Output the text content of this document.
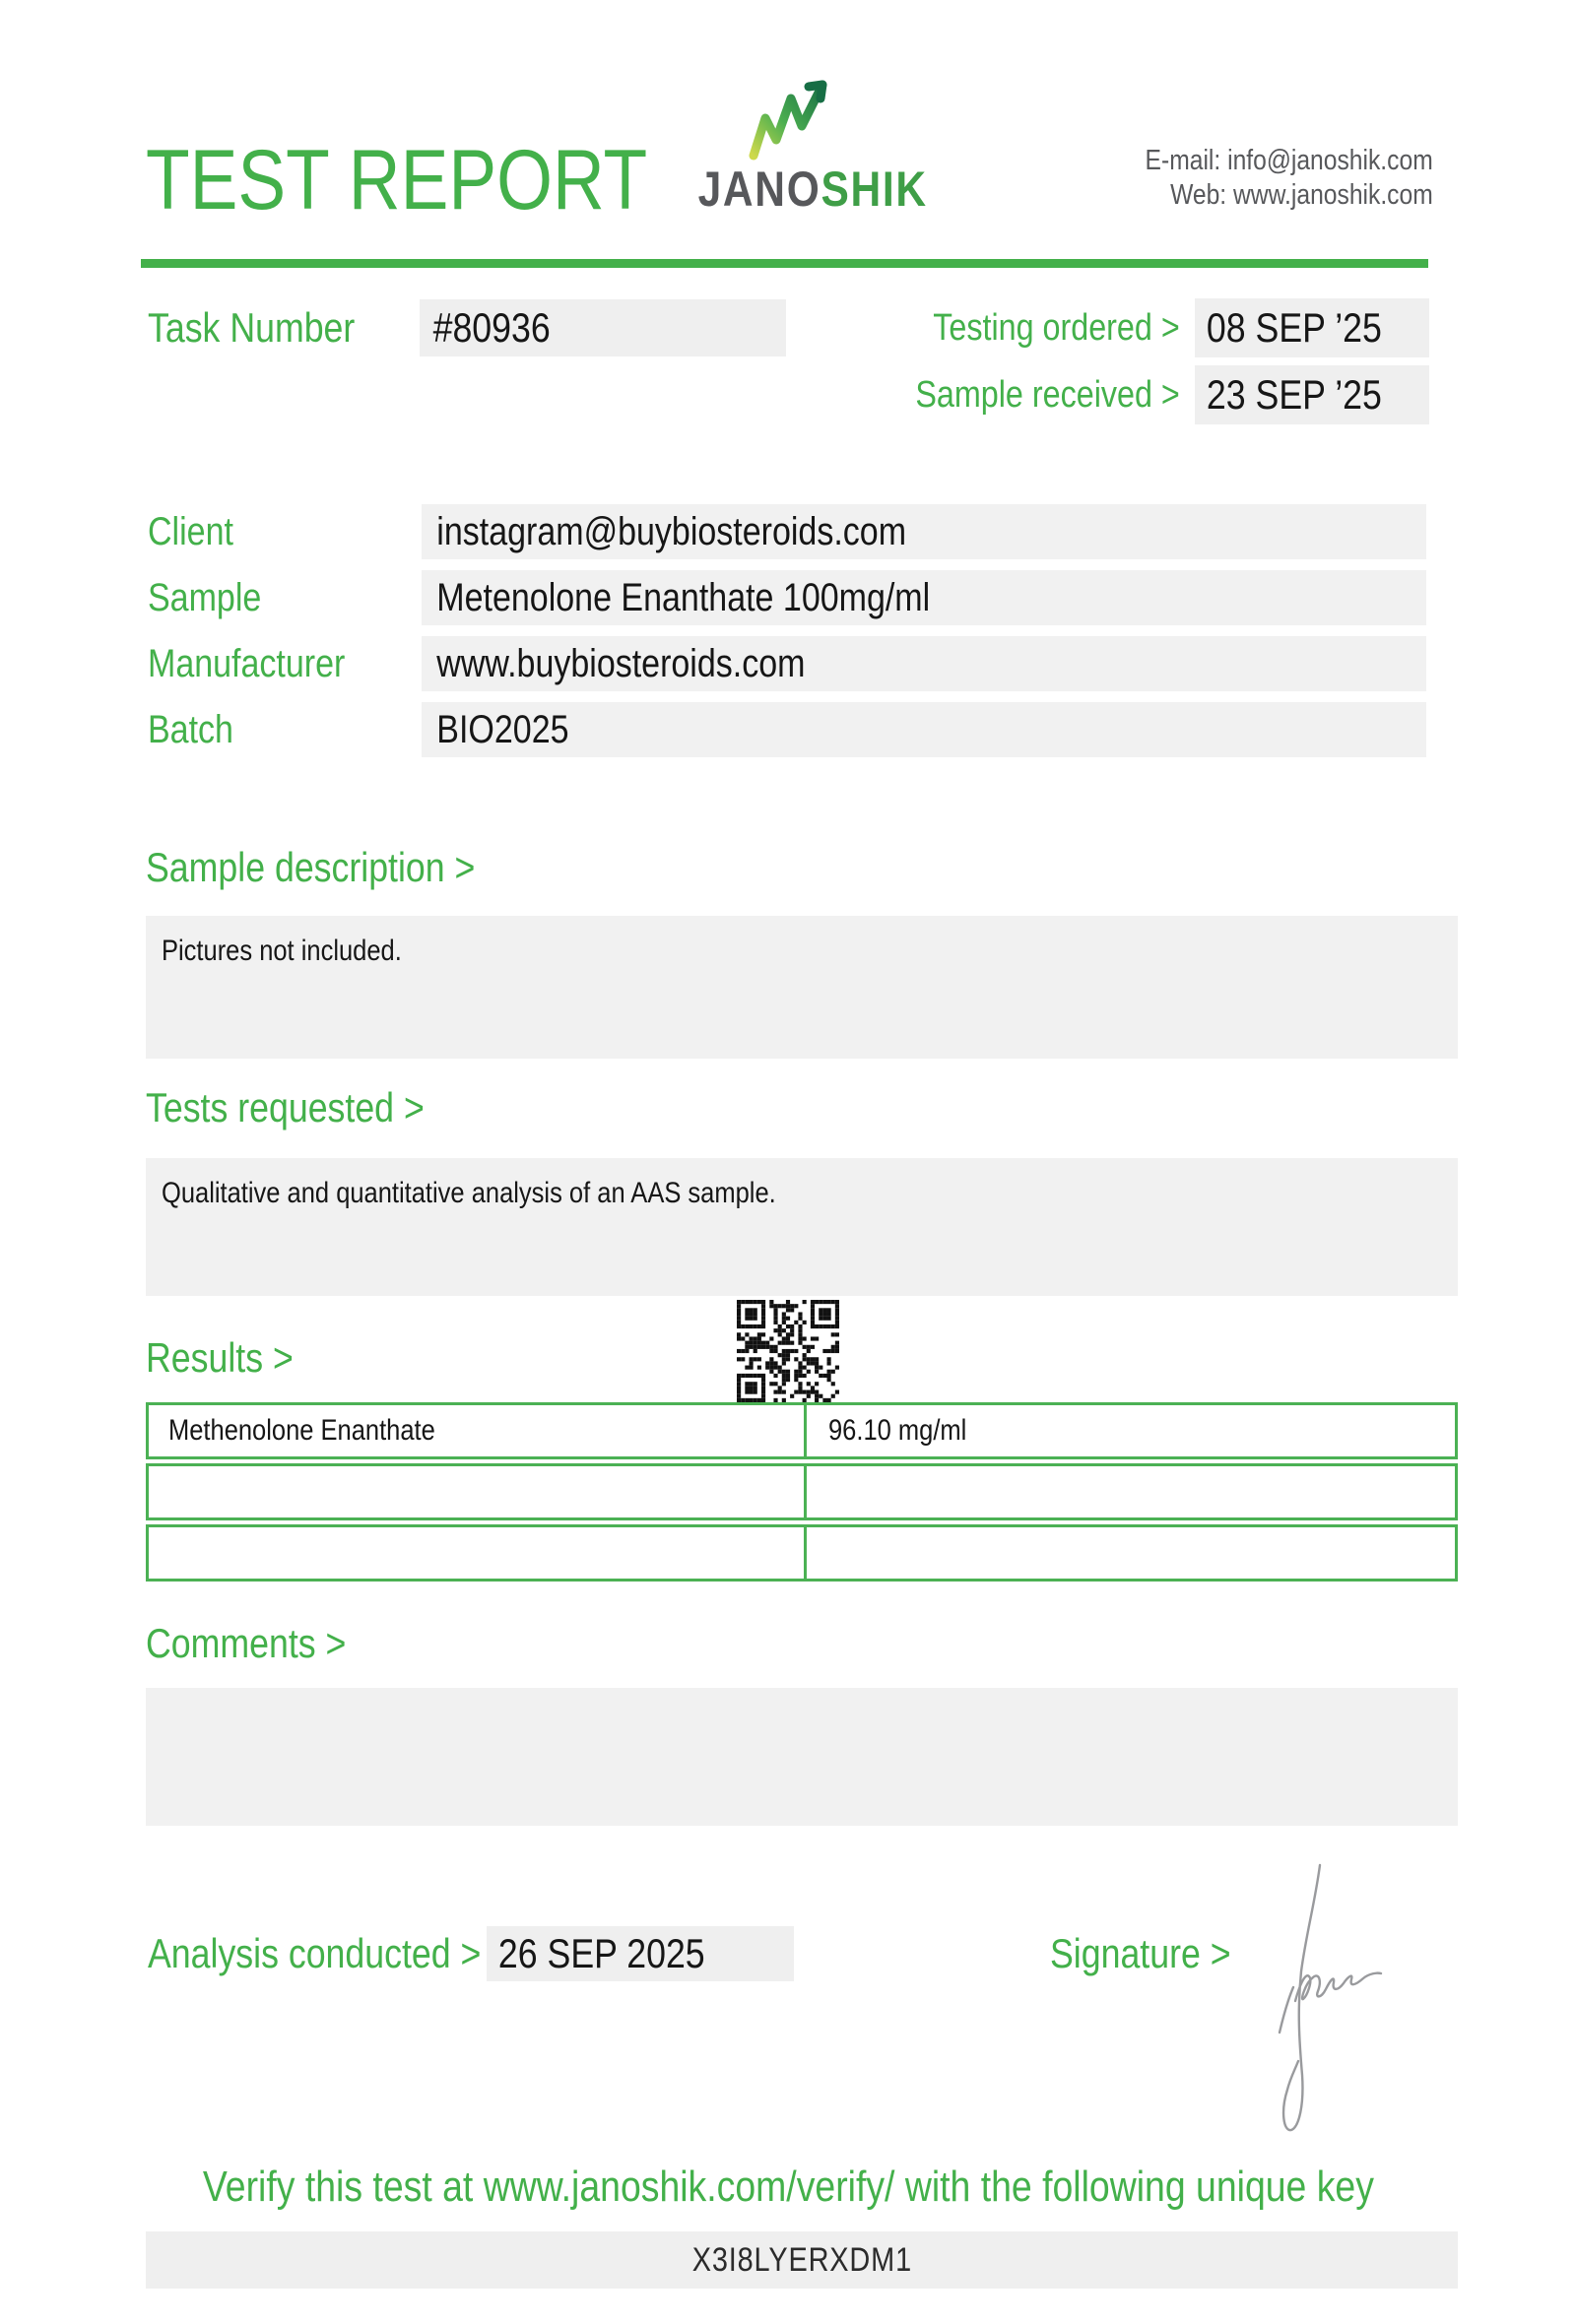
TEST REPORT	JANOSHIK
E-mail: info@janoshik.com
Web: www.janoshik.com
Task Number	#80936	Testing ordered > 08 SEP ’25
Sample received > 23 SEP ’25
Client	instagram@buybiosteroids.com
Sample	Metenolone Enanthate 100mg/ml
Manufacturer	www.buybiosteroids.com
Batch	BIO2025
Sample description >
Pictures not included.
Tests requested >
Qualitative and quantitative analysis of an AAS sample.
Results >
Methenolone Enanthate	96.10 mg/ml
Comments >
Analysis conducted > 26 SEP 2025	Signature >
Verify this test at www.janoshik.com/verify/ with the following unique key
X3I8LYERXDM1
